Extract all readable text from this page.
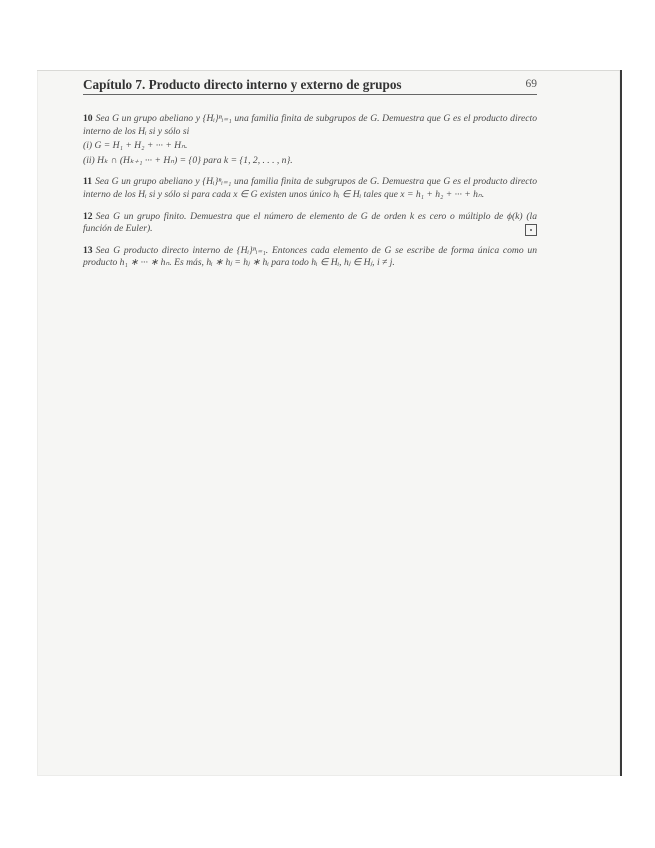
Capítulo 7. Producto directo interno y externo de grupos	69

10 Sea G un grupo abeliano y {Hᵢ}ⁿᵢ₌₁ una familia finita de subgrupos de G. Demuestra que G es el producto directo interno de los Hᵢ si y sólo si
(i) G = H₁ + H₂ + ··· + Hₙ.
(ii) Hₖ ∩ (Hₖ₊₁ ··· + Hₙ) = {0} para k = {1, 2, . . . , n}.

11 Sea G un grupo abeliano y {Hᵢ}ⁿᵢ₌₁ una familia finita de subgrupos de G. Demuestra que G es el producto directo interno de los Hᵢ si y sólo si para cada x ∈ G existen unos único hᵢ ∈ Hᵢ tales que x = h₁ + h₂ + ··· + hₙ.

12 Sea G un grupo finito. Demuestra que el número de elemento de G de orden k es cero o múltiplo de ϕ(k) (la función de Euler).

13 Sea G producto directo interno de {Hᵢ}ⁿᵢ₌₁. Entonces cada elemento de G se escribe de forma única como un producto h₁ ∗ ··· ∗ hₙ. Es más, hᵢ ∗ hⱼ = hⱼ ∗ hᵢ para todo hᵢ ∈ Hᵢ, hⱼ ∈ Hⱼ, i ≠ j.
